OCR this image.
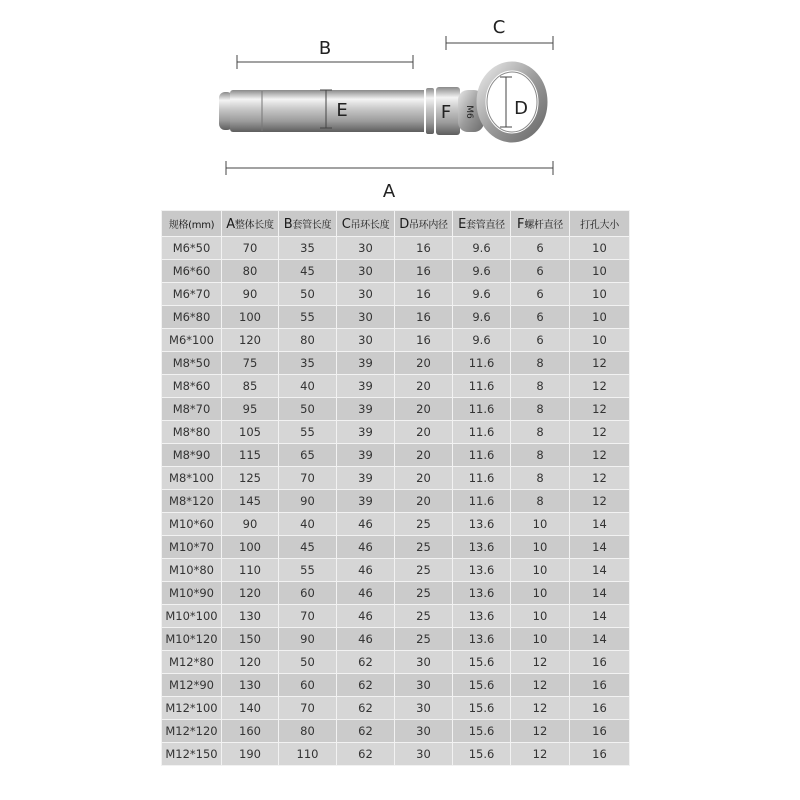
B
C
F M6 D
E
A
规格(mm)	A整体长度	B套管长度	C吊环长度	D吊环内径	E套管直径	F螺杆直径	打孔大小
M6*50	70	35	30	16	9.6	6	10
M6*60	80	45	30	16	9.6	6	10
M6*70	90	50	30	16	9.6	6	10
M6*80	100	55	30	16	9.6	6	10
M6*100	120	80	30	16	9.6	6	10
M8*50	75	35	39	20	11.6	8	12
M8*60	85	40	39	20	11.6	8	12
M8*70	95	50	39	20	11.6	8	12
M8*80	105	55	39	20	11.6	8	12
M8*90	115	65	39	20	11.6	8	12
M8*100	125	70	39	20	11.6	8	12
M8*120	145	90	39	20	11.6	8	12
M10*60	90	40	46	25	13.6	10	14
M10*70	100	45	46	25	13.6	10	14
M10*80	110	55	46	25	13.6	10	14
M10*90	120	60	46	25	13.6	10	14
M10*100	130	70	46	25	13.6	10	14
M10*120	150	90	46	25	13.6	10	14
M12*80	120	50	62	30	15.6	12	16
M12*90	130	60	62	30	15.6	12	16
M12*100	140	70	62	30	15.6	12	16
M12*120	160	80	62	30	15.6	12	16
M12*150	190	110	62	30	15.6	12	16
